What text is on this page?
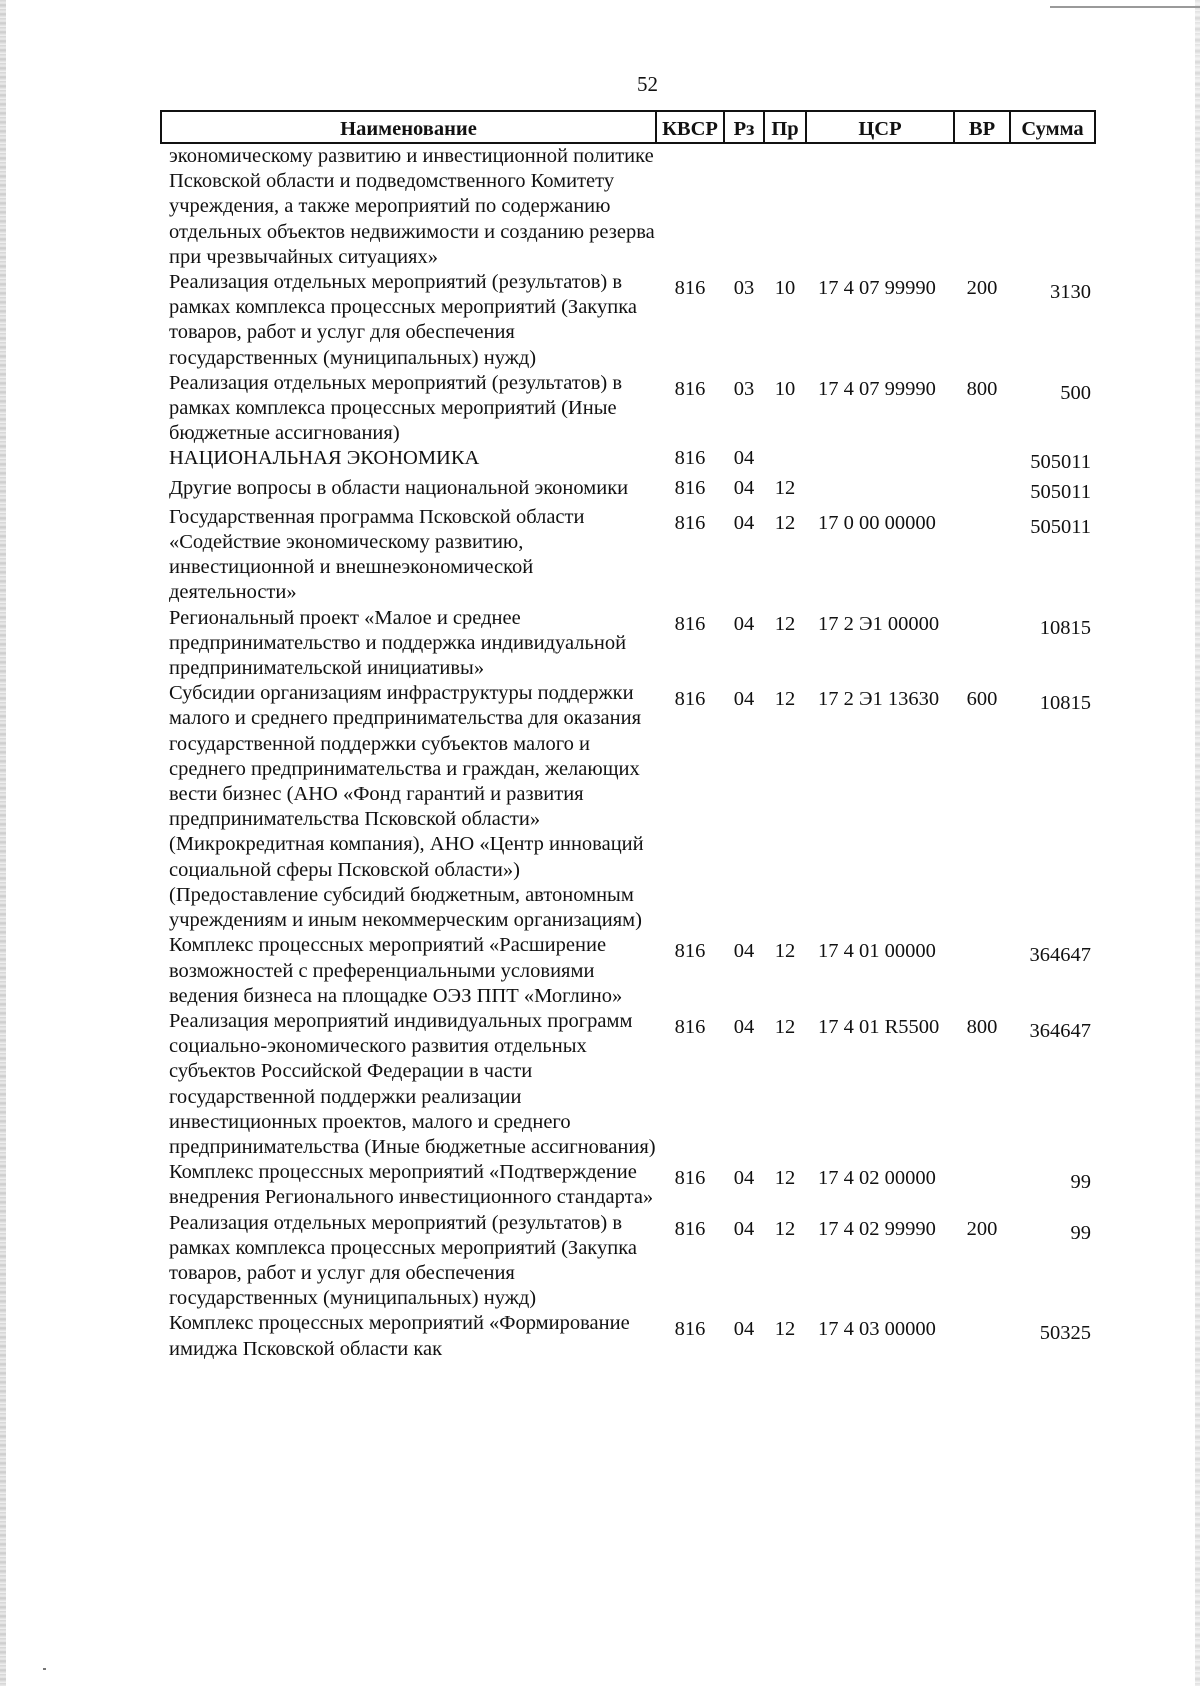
52
Наименование	КВСР	Рз	Пр	ЦСР	ВР	Сумма
экономическому развитию и инвестиционной политике Псковской области и подведомственного Комитету учреждения, а также мероприятий по содержанию отдельных объектов недвижимости и созданию резерва при чрезвычайных ситуациях»						
Реализация отдельных мероприятий (результатов) в рамках комплекса процессных мероприятий (Закупка товаров, работ и услуг для обеспечения государственных (муниципальных) нужд)	816	03	10	17 4 07 99990	200	3130
Реализация отдельных мероприятий (результатов) в рамках комплекса процессных мероприятий (Иные бюджетные ассигнования)	816	03	10	17 4 07 99990	800	500
НАЦИОНАЛЬНАЯ ЭКОНОМИКА	816	04				505011
Другие вопросы в области национальной экономики	816	04	12			505011
Государственная программа Псковской области «Содействие экономическому развитию, инвестиционной и внешнеэкономической деятельности»	816	04	12	17 0 00 00000		505011
Региональный проект «Малое и среднее предпринимательство и поддержка индивидуальной предпринимательской инициативы»	816	04	12	17 2 Э1 00000		10815
Субсидии организациям инфраструктуры поддержки малого и среднего предпринимательства для оказания государственной поддержки субъектов малого и среднего предпринимательства и граждан, желающих вести бизнес (АНО «Фонд гарантий и развития предпринимательства Псковской области» (Микрокредитная компания), АНО «Центр инноваций социальной сферы Псковской области») (Предоставление субсидий бюджетным, автономным учреждениям и иным некоммерческим организациям)	816	04	12	17 2 Э1 13630	600	10815
Комплекс процессных мероприятий «Расширение возможностей с преференциальными условиями ведения бизнеса на площадке ОЭЗ ППТ «Моглино»	816	04	12	17 4 01 00000		364647
Реализация мероприятий индивидуальных программ социально-экономического развития отдельных субъектов Российской Федерации в части государственной поддержки реализации инвестиционных проектов, малого и среднего предпринимательства (Иные бюджетные ассигнования)	816	04	12	17 4 01 R5500	800	364647
Комплекс процессных мероприятий «Подтверждение внедрения Регионального инвестиционного стандарта»	816	04	12	17 4 02 00000		99
Реализация отдельных мероприятий (результатов) в рамках комплекса процессных мероприятий (Закупка товаров, работ и услуг для обеспечения государственных (муниципальных) нужд)	816	04	12	17 4 02 99990	200	99
Комплекс процессных мероприятий «Формирование имиджа Псковской области как	816	04	12	17 4 03 00000		50325
